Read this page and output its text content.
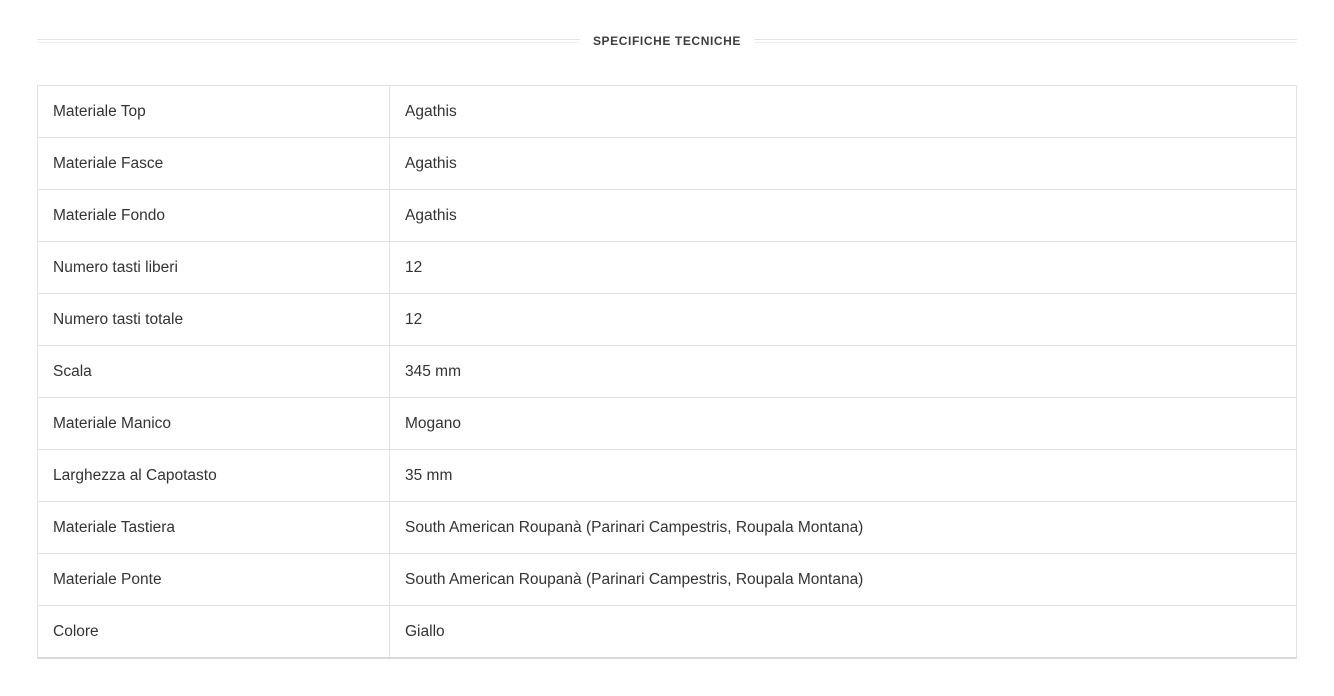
SPECIFICHE TECNICHE
Materiale Top	Agathis
Materiale Fasce	Agathis
Materiale Fondo	Agathis
Numero tasti liberi	12
Numero tasti totale	12
Scala	345 mm
Materiale Manico	Mogano
Larghezza al Capotasto	35 mm
Materiale Tastiera	South American Roupanà (Parinari Campestris, Roupala Montana)
Materiale Ponte	South American Roupanà (Parinari Campestris, Roupala Montana)
Colore	Giallo
